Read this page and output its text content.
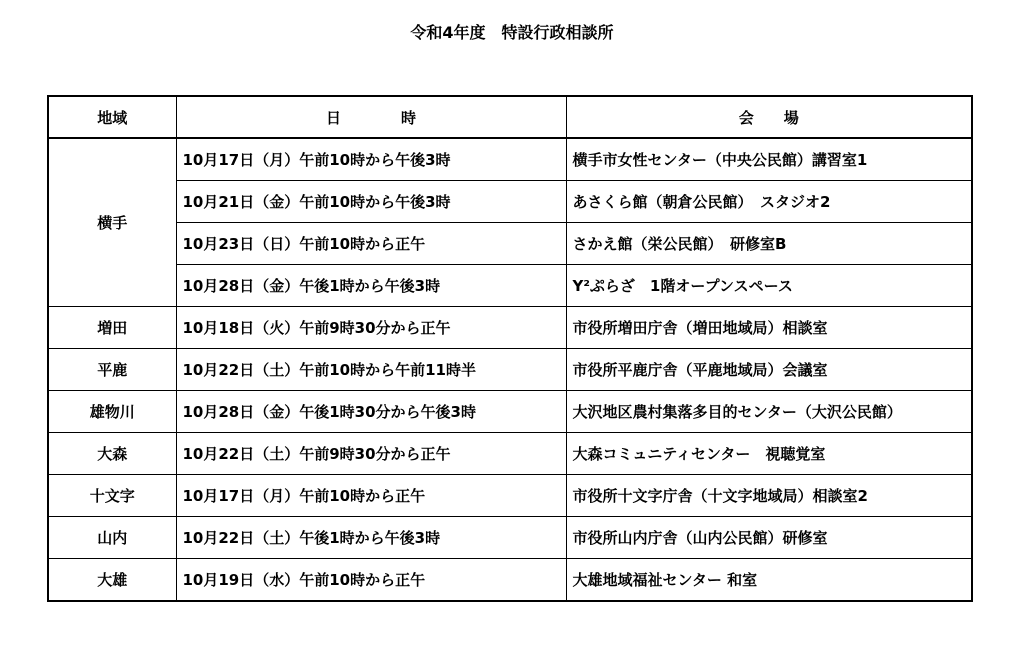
令和4年度　特設行政相談所
地域	日　　　　時	会　　場
横手	10月17日（月）午前10時から午後3時	横手市女性センター（中央公民館）講習室1
	10月21日（金）午前10時から午後3時	あさくら館（朝倉公民館）　スタジオ2
	10月23日（日）午前10時から正午	さかえ館（栄公民館）　研修室B
	10月28日（金）午後1時から午後3時	Y²ぷらざ　1階オープンスペース
増田	10月18日（火）午前9時30分から正午	市役所増田庁舎（増田地域局）相談室
平鹿	10月22日（土）午前10時から午前11時半	市役所平鹿庁舎（平鹿地域局）会議室
雄物川	10月28日（金）午後1時30分から午後3時	大沢地区農村集落多目的センター（大沢公民館）
大森	10月22日（土）午前9時30分から正午	大森コミュニティセンター　視聴覚室
十文字	10月17日（月）午前10時から正午	市役所十文字庁舎（十文字地域局）相談室2
山内	10月22日（土）午後1時から午後3時	市役所山内庁舎（山内公民館）研修室
大雄	10月19日（水）午前10時から正午	大雄地域福祉センター 和室
